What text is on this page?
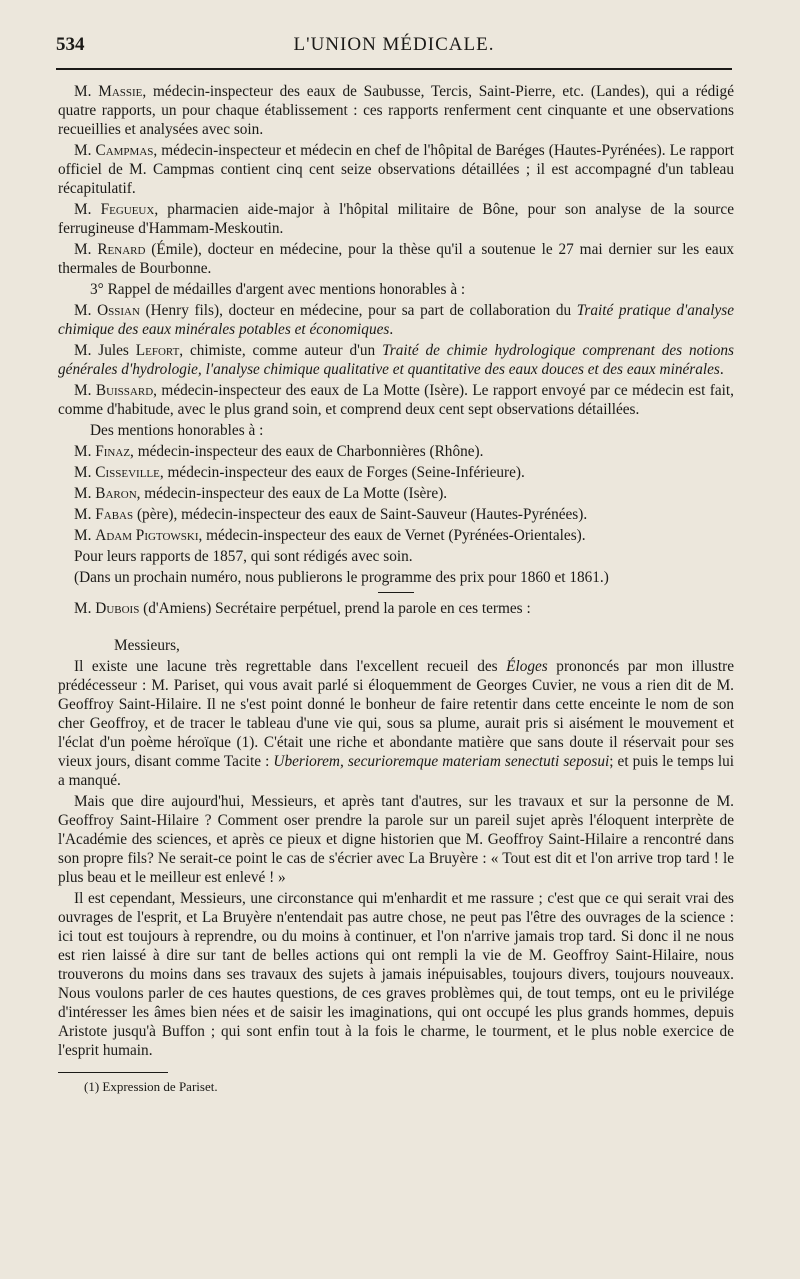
534	L'UNION MÉDICALE.

M. Massie, médecin-inspecteur des eaux de Saubusse, Tercis, Saint-Pierre, etc. (Landes), qui a rédigé quatre rapports, un pour chaque établissement : ces rapports renferment cent cinquante et une observations recueillies et analysées avec soin.

M. Campmas, médecin-inspecteur et médecin en chef de l'hôpital de Baréges (Hautes-Pyrénées). Le rapport officiel de M. Campmas contient cinq cent seize observations détaillées ; il est accompagné d'un tableau récapitulatif.

M. Fegueux, pharmacien aide-major à l'hôpital militaire de Bône, pour son analyse de la source ferrugineuse d'Hammam-Meskoutin.

M. Renard (Émile), docteur en médecine, pour la thèse qu'il a soutenue le 27 mai dernier sur les eaux thermales de Bourbonne.

3° Rappel de médailles d'argent avec mentions honorables à :

M. Ossian (Henry fils), docteur en médecine, pour sa part de collaboration du Traité pratique d'analyse chimique des eaux minérales potables et économiques.

M. Jules Lefort, chimiste, comme auteur d'un Traité de chimie hydrologique comprenant des notions générales d'hydrologie, l'analyse chimique qualitative et quantitative des eaux douces et des eaux minérales.

M. Buissard, médecin-inspecteur des eaux de La Motte (Isère). Le rapport envoyé par ce médecin est fait, comme d'habitude, avec le plus grand soin, et comprend deux cent sept observations détaillées.

Des mentions honorables à :

M. Finaz, médecin-inspecteur des eaux de Charbonnières (Rhône).

M. Cisseville, médecin-inspecteur des eaux de Forges (Seine-Inférieure).

M. Baron, médecin-inspecteur des eaux de La Motte (Isère).

M. Fabas (père), médecin-inspecteur des eaux de Saint-Sauveur (Hautes-Pyrénées).

M. Adam Pigtowski, médecin-inspecteur des eaux de Vernet (Pyrénées-Orientales).

Pour leurs rapports de 1857, qui sont rédigés avec soin.

(Dans un prochain numéro, nous publierons le programme des prix pour 1860 et 1861.)

M. Dubois (d'Amiens) Secrétaire perpétuel, prend la parole en ces termes :

Messieurs,

Il existe une lacune très regrettable dans l'excellent recueil des Éloges prononcés par mon illustre prédécesseur : M. Pariset, qui vous avait parlé si éloquemment de Georges Cuvier, ne vous a rien dit de M. Geoffroy Saint-Hilaire. Il ne s'est point donné le bonheur de faire retentir dans cette enceinte le nom de son cher Geoffroy, et de tracer le tableau d'une vie qui, sous sa plume, aurait pris si aisément le mouvement et l'éclat d'un poème héroïque (1). C'était une riche et abondante matière que sans doute il réservait pour ses vieux jours, disant comme Tacite : Uberiorem, securioremque materiam senectuti seposui; et puis le temps lui a manqué.

Mais que dire aujourd'hui, Messieurs, et après tant d'autres, sur les travaux et sur la personne de M. Geoffroy Saint-Hilaire ? Comment oser prendre la parole sur un pareil sujet après l'éloquent interprète de l'Académie des sciences, et après ce pieux et digne historien que M. Geoffroy Saint-Hilaire a rencontré dans son propre fils? Ne serait-ce point le cas de s'écrier avec La Bruyère : « Tout est dit et l'on arrive trop tard ! le plus beau et le meilleur est enlevé ! »

Il est cependant, Messieurs, une circonstance qui m'enhardit et me rassure ; c'est que ce qui serait vrai des ouvrages de l'esprit, et La Bruyère n'entendait pas autre chose, ne peut pas l'être des ouvrages de la science : ici tout est toujours à reprendre, ou du moins à continuer, et l'on n'arrive jamais trop tard. Si donc il ne nous est rien laissé à dire sur tant de belles actions qui ont rempli la vie de M. Geoffroy Saint-Hilaire, nous trouverons du moins dans ses travaux des sujets à jamais inépuisables, toujours divers, toujours nouveaux. Nous voulons parler de ces hautes questions, de ces graves problèmes qui, de tout temps, ont eu le privilége d'intéresser les âmes bien nées et de saisir les imaginations, qui ont occupé les plus grands hommes, depuis Aristote jusqu'à Buffon ; qui sont enfin tout à la fois le charme, le tourment, et le plus noble exercice de l'esprit humain.

(1) Expression de Pariset.
